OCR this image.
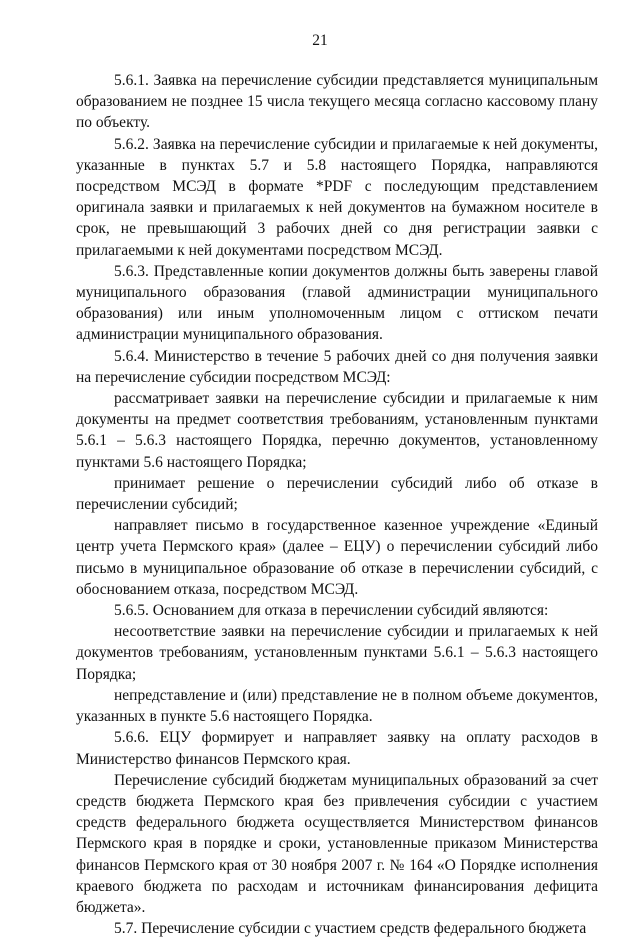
21

5.6.1. Заявка на перечисление субсидии представляется муниципальным образованием не позднее 15 числа текущего месяца согласно кассовому плану по объекту.

5.6.2. Заявка на перечисление субсидии и прилагаемые к ней документы, указанные в пунктах 5.7 и 5.8 настоящего Порядка, направляются посредством МСЭД в формате *PDF с последующим представлением оригинала заявки и прилагаемых к ней документов на бумажном носителе в срок, не превышающий 3 рабочих дней со дня регистрации заявки с прилагаемыми к ней документами посредством МСЭД.

5.6.3. Представленные копии документов должны быть заверены главой муниципального образования (главой администрации муниципального образования) или иным уполномоченным лицом с оттиском печати администрации муниципального образования.

5.6.4. Министерство в течение 5 рабочих дней со дня получения заявки на перечисление субсидии посредством МСЭД:

рассматривает заявки на перечисление субсидии и прилагаемые к ним документы на предмет соответствия требованиям, установленным пунктами 5.6.1 – 5.6.3 настоящего Порядка, перечню документов, установленному пунктами 5.6 настоящего Порядка;

принимает решение о перечислении субсидий либо об отказе в перечислении субсидий;

направляет письмо в государственное казенное учреждение «Единый центр учета Пермского края» (далее – ЕЦУ) о перечислении субсидий либо письмо в муниципальное образование об отказе в перечислении субсидий, с обоснованием отказа, посредством МСЭД.

5.6.5. Основанием для отказа в перечислении субсидий являются:

несоответствие заявки на перечисление субсидии и прилагаемых к ней документов требованиям, установленным пунктами 5.6.1 – 5.6.3 настоящего Порядка;

непредставление и (или) представление не в полном объеме документов, указанных в пункте 5.6 настоящего Порядка.

5.6.6. ЕЦУ формирует и направляет заявку на оплату расходов в Министерство финансов Пермского края.

Перечисление субсидий бюджетам муниципальных образований за счет средств бюджета Пермского края без привлечения субсидии с участием средств федерального бюджета осуществляется Министерством финансов Пермского края в порядке и сроки, установленные приказом Министерства финансов Пермского края от 30 ноября 2007 г. № 164 «О Порядке исполнения краевого бюджета по расходам и источникам финансирования дефицита бюджета».

5.7. Перечисление субсидии с участием средств федерального бюджета
